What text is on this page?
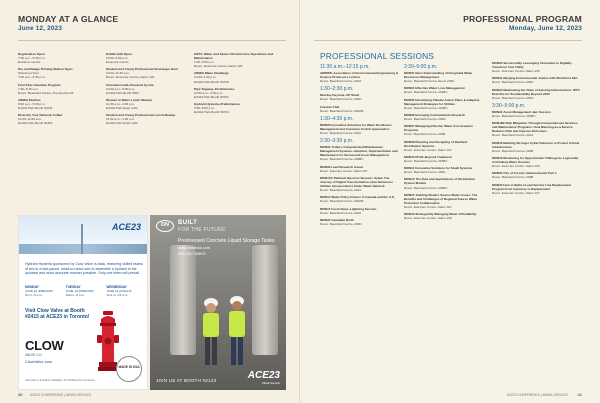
MONDAY AT A GLANCE
June 12, 2023
Registration Open
7:00 a.m.–5:30 p.m.
Entrance Centre
Pre-and Badge Printing Station Open
Sheraton Hotel
7:00 a.m.–5:30 p.m.
First-Time Attendee Program
7:30–8:15 a.m.
Room: Beanfield Centre–Pre-Function B
AWWA Pavilion
9:00 a.m.–5:30 p.m.
Exhibit Hall–Booth #2011
Diversity Your Network Coffee
10:30–11:00 a.m.
Exhibit Hall–Booth #1831
Exhibit Hall Open
10:00–5:00 p.m.
Enercare Centre
Student and Young Professional Scavenger Hunt
10:00–11:30 a.m.
Room: Enercare Centre–Salon 100
Innovation Hub–Powered by Isle
10:30 a.m.–5:00 p.m.
Exhibit Hall–Booth #901
Women in Water Lunch Meetup
11:30 a.m.–1:00 p.m.
Exhibit Hall–Expo Café
Student and Young Professional Lunch Meetup
11:30 a.m.–1:00 p.m.
Exhibit Hall–Expo Café
CRTZ–Water and Sewer Infrastructure Operations and Maintenance
1:00–5:00 p.m.
Room: Enercare Centre–Salon 109
AWWA Water Challenge
12:30–2:30 p.m.
Exhibit Hall–Booth #673A
Pipe Tapping–Preliminaries
10:30 a.m.–5:00 p.m.
Exhibit Hall–Booth #6763
Hydrant Hysteria–Preliminaries
3:00–5:00 p.m.
Exhibit Hall–Booth #6744
ACE23
Hydrant Hysteria sponsored by Clow Valve is back, featuring skilled teams of two in a fast-paced, head-to-head race to assemble a hydrant in the quickest and most accurate manner possible. Only one team will prevail.
MONDAY
JUNE 12 (PRELIMS)
3p.m.–5 p.m.
TUESDAY
JUNE 13 (PRELIMS)
10a.m.–5 p.m.
WEDNESDAY
JUNE 14 (FINALS)
10 a.m.–12 p.m.
Visit Clow Valve at Booth #2415 at ACE23 in Toronto!
CLOW
VALVE CO.
ClowValve.com
Clow Valve is a division of McWane, Inc. McWane Pre-Announces
MADE IN USA
DN	BUILT
FOR THE FUTURE
Prestressed Concrete Liquid Storage Tanks
www.dntanks.com
855.DN.TANKS
JOIN US AT BOOTH #2123	ACE23
Official Sponsor
40 ACE23 CONFERENCE | AWWA.ORG/ACE
PROFESSIONAL PROGRAM
Monday, June 12, 2023
PROFESSIONAL SESSIONS
11:30 a.m.–12:15 p.m.
AWWSP–Association of Environmental Engineering & Science Professors Lecture
Room: Beanfield Centre–204A
1:30–2:30 p.m.
Monday Keynote–AP Stack
Room: Beanfield Centre–304D
Fireside Chat
Room: Beanfield Centre–306AB
1:30–4:30 p.m.
MON05 Innovative Solutions for Water Resilience: Management and Customer Centric Approaches
Room: Beanfield Centre–202A
2:30–3:30 p.m.
MON02 Today's Computerized Maintenance Management Systems–Adoption, Implementation and Maintenance for Successful Asset Management
Room: Beanfield Centre–206BC
MON03 Lead Research Issues
Room: Enercare Centre–Salon 107
MON15A Platinum Sponsor Session: Xylem The Journey of Digital Transformation–How Numerous Utilities Incorporated a Smart Water Network
Room: Beanfield Centre–201A
MON14 Water Policy Drivers in Canada and the U.S.
Room: Beanfield Centre–306AB
MON17 Fresh Ideas–Lightning Session
Room: Beanfield Centre–202A
MON22 Canadian North
Room: Beanfield Centre–203D
2:30–5:00 p.m.
MON01 New Understanding of Integrated Water Resources Management
Room: Beanfield Centre–Room 208A
MON04 Effective Water Loss Management
Room: Beanfield Centre–201BC
MON05 Developing Climate Action Plans & Adaptive Management Strategies for Utilities
Room: Beanfield Centre–201BC
MON06 Emerging Contaminants Research
Room: Beanfield Centre–203D
MON07 Managing Effective Water Conservation Programs
Room: Beanfield Centre–203B
MON08 Planning and Designing of Resilient Distribution Systems
Room: Enercare Centre–Salon 107
MON10 PFAS–Beyond Treatment
Room: Beanfield Centre–203BC
MON11 Innovative Solutions for Small Systems
Room: Beanfield Centre–205A
MON12 The Role and Applications of Distribution System Models
Room: Beanfield Centre–205BC
MON15 Tackling Modern Source Water Issues: The Benefits and Challenges of Regional Source Water Protection Collaboration
Room: Enercare Centre–Salon 110
MON16 Strategically Managing Water Affordability
Room: Enercare Centre–Salon 108
MON20 Successfully Leveraging Innovation to Digitally Transform Your Utility
Room: Enercare Centre–Salon 105
MON21 Merging Environmental Justice with Workforce DEI
Room: Beanfield Centre–206C
MON24 Maximizing the Value of Existing Infrastructure: WTP Retrofits for Sustainability Beyond 2030
Room: Beanfield Centre–205A
3:30–5:00 p.m.
MON22 Asset Management Jam Session
Room: Beanfield Centre–206BC
MON18B Risk Mitigation Through Comprehensive Services and Maintenance Programs: How Metering-as-a-Service Reduces Risk and Improve Outcomes
Room: Beanfield Centre–201A
MON19 Building Stronger Cyber Defenses to Protect Critical Infrastructure
Room: Beanfield Centre–204B
MON18 Monitoring for Opportunistic Pathogens–Legionella in Drinking Water Sources
Room: Enercare Centre–Salon 106
MON23 City of Toronto Advancements Part 1
Room: Beanfield Centre–203B
MON25 How to Build a Lead Service Line Replacement Program from Inventory to Replacement
Room: Enercare Centre–Salon 107
ACE23 CONFERENCE | AWWA.ORG/ACE 41
